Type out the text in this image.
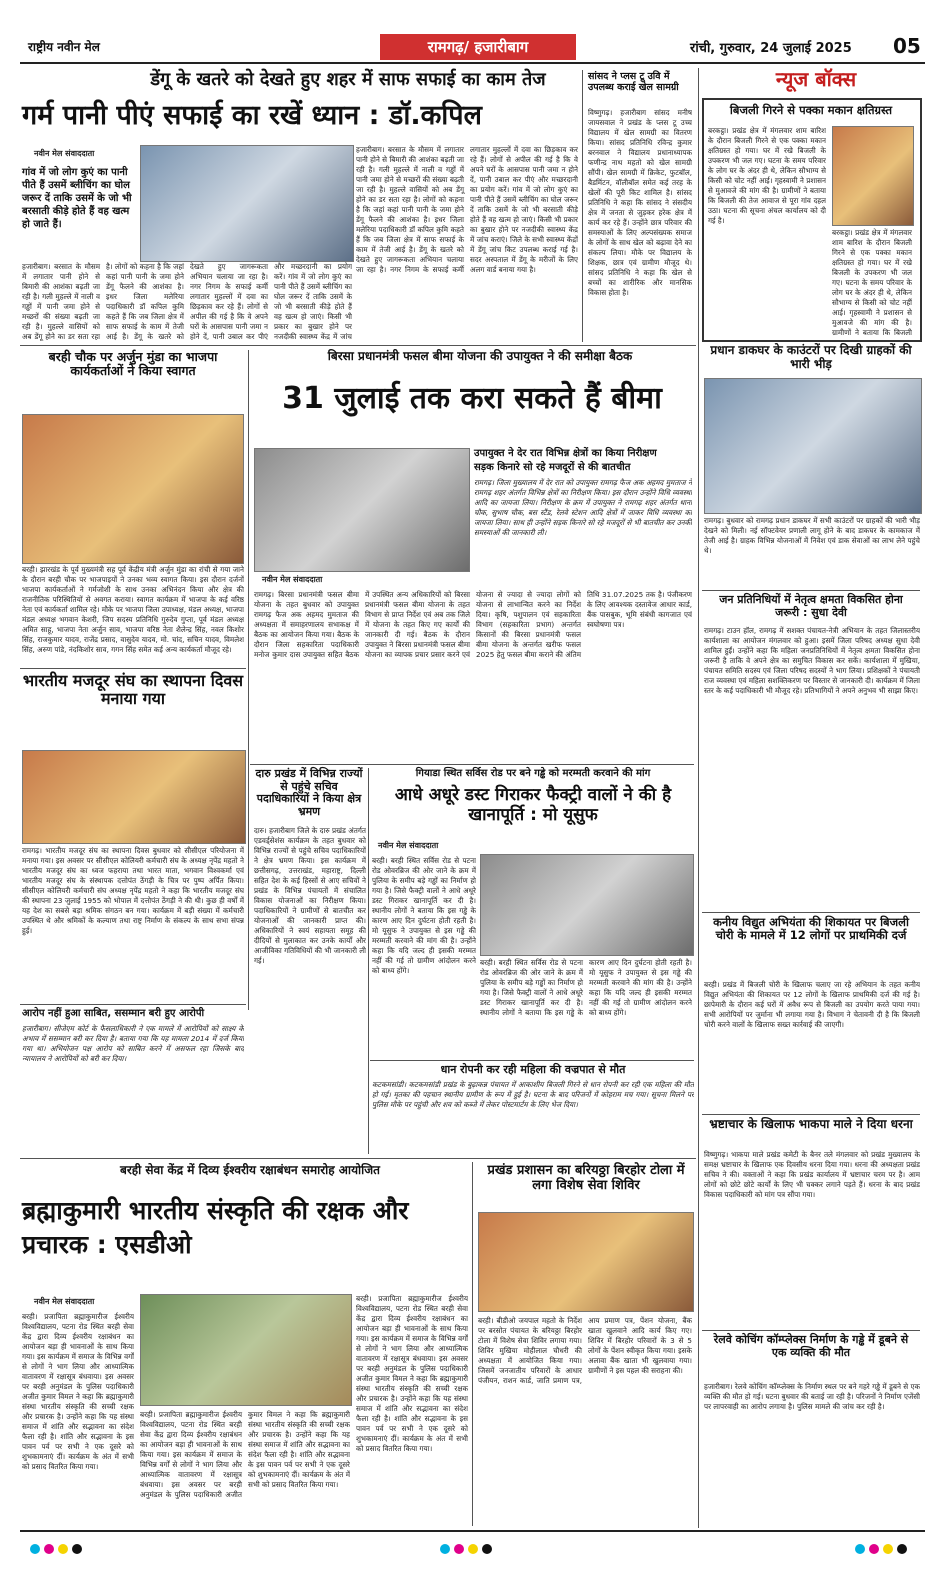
राष्ट्रीय नवीन मेल	रामगढ़/ हजारीबाग	रांची, गुरुवार, 24 जुलाई 2025 05
डेंगू के खतरे को देखते हुए शहर में साफ सफाई का काम तेज
गर्म पानी पीएं सफाई का रखें ध्यान : डॉ.कपिल
नवीन मेल संवाददाता
गांव में जो लोग कुएं का पानी पीते हैं उसमें ब्लीचिंग का घोल जरूर दें ताकि उसमें के जो भी बरसाती कीड़े होते हैं वह खत्म हो जाते हैं।
हजारीबाग। बरसात के मौसम में लगातार पानी होने से बिमारी की आशंका बढ़ती जा रही है। गली मुहल्ले में नाली व गड्ढों में पानी जमा होने से मच्छरों की संख्या बढ़ती जा रही है। मुहल्ले वासियों को अब डेंगू होने का डर सता रहा है। लोगों को कहना है कि जहां कहां पानी पानी के जमा होने डेंगू फैलने की आशंका है। इधर जिला मलेरिया पदाधिकारी डॉ कपिल कुमि कहते हैं कि जब जिला क्षेत्र में साफ सफाई के काम में तेजी आई है। डेंगू के खतरे को देखते हुए जागरूकता अभियान चलाया जा रहा है। नगर निगम के सफाई कर्मी लगातार मुहल्लों में दवा का छिड़काव कर रहे हैं। लोगों से अपील की गई है कि वे अपने घरों के आसपास पानी जमा न होने दें, पानी उबाल कर पीएं और मच्छरदानी का प्रयोग करें। गांव में जो लोग कुएं का पानी पीते हैं उसमें ब्लीचिंग का घोल जरूर दें ताकि उसमें के जो भी बरसाती कीड़े होते हैं वह खत्म हो जाएं। किसी भी प्रकार का बुखार होने पर नजदीकी स्वास्थ्य केंद्र में जांच
हजारीबाग। बरसात के मौसम में लगातार पानी होने से बिमारी की आशंका बढ़ती जा रही है। गली मुहल्ले में नाली व गड्ढों में पानी जमा होने से मच्छरों की संख्या बढ़ती जा रही है। मुहल्ले वासियों को अब डेंगू होने का डर सता रहा है। लोगों को कहना है कि जहां कहां पानी पानी के जमा होने डेंगू फैलने की आशंका है। इधर जिला मलेरिया पदाधिकारी डॉ कपिल कुमि कहते हैं कि जब जिला क्षेत्र में साफ सफाई के काम में तेजी आई है। डेंगू के खतरे को देखते हुए जागरूकता अभियान चलाया जा रहा है। नगर निगम के सफाई कर्मी लगातार मुहल्लों में दवा का छिड़काव कर रहे हैं। लोगों से अपील की गई है कि वे अपने घरों के आसपास पानी जमा न होने दें, पानी उबाल कर पीएं और मच्छरदानी का प्रयोग करें। गांव में जो लोग कुएं का पानी पीते हैं उसमें ब्लीचिंग का घोल जरूर दें ताकि उसमें के जो भी बरसाती कीड़े होते हैं वह खत्म हो जाएं। किसी भी प्रकार का बुखार होने पर नजदीकी स्वास्थ्य केंद्र में जांच कराएं। जिले के सभी स्वास्थ्य केंद्रों में डेंगू जांच किट उपलब्ध कराई गई है। सदर अस्पताल में डेंगू के मरीजों के लिए अलग वार्ड बनाया गया है।
सांसद ने प्लस टू उवि में उपलब्ध कराई खेल सामग्री
विष्णुगढ़। हजारीबाग सांसद मनीष जायसवाल ने प्रखंड के प्लस टू उच्च विद्यालय में खेल सामग्री का वितरण किया। सांसद प्रतिनिधि रविन्द्र कुमार बरनवाल ने विद्यालय प्रधानाध्यापक फणीन्द्र नाथ महतो को खेल सामग्री सौंपी। खेल सामग्री में क्रिकेट, फुटबॉल, बैडमिंटन, वॉलीबॉल समेत कई तरह के खेलों की पूरी किट शामिल है। सांसद प्रतिनिधि ने कहा कि सांसद ने संसदीय क्षेत्र में जनता से जुड़कर हरेक क्षेत्र में कार्य कर रहे हैं। उन्होंने छात्र परिवार की समस्याओं के लिए अल्पसंख्यक समाज के लोगों के साथ खेल को बढ़ावा देने का संकल्प लिया। मौके पर विद्यालय के शिक्षक, छात्र एवं ग्रामीण मौजूद थे। सांसद प्रतिनिधि ने कहा कि खेल से बच्चों का शारीरिक और मानसिक विकास होता है।
बरही चौक पर अर्जुन मुंडा का भाजपा कार्यकर्ताओं ने किया स्वागत
बरही। झारखंड के पूर्व मुख्यमंत्री सह पूर्व केंद्रीय मंत्री अर्जुन मुंडा का रांची से गया जाने के दौरान बरही चौक पर भाजपाइयों ने उनका भव्य स्वागत किया। इस दौरान दर्जनों भाजपा कार्यकर्ताओं ने गर्मजोशी के साथ उनका अभिनंदन किया और क्षेत्र की राजनीतिक परिस्थितियों से अवगत कराया। स्वागत कार्यक्रम में भाजपा के कई वरिष्ठ नेता एवं कार्यकर्ता शामिल रहे। मौके पर भाजपा जिला उपाध्यक्ष, मंडल अध्यक्ष, भाजपा मंडल अध्यक्ष भगवान केशरी, जिप सदस्य प्रतिनिधि गुरुदेव गुप्ता, पूर्व मंडल अध्यक्ष अमित साहू, भाजपा नेता अर्जुन साव, भाजपा वरिष्ठ नेता शैलेन्द्र सिंह, नवल किशोर सिंह, राजकुमार यादव, राजेंद्र प्रसाद, वासुदेव यादव, मो. चांद, सचिन यादव, विमलेश सिंह, अरुण पांडे, नंदकिशोर साव, गगन सिंह समेत कई अन्य कार्यकर्ता मौजूद रहे।
बिरसा प्रधानमंत्री फसल बीमा योजना की उपायुक्त ने की समीक्षा बैठक
31 जुलाई तक करा सकते हैं बीमा
नवीन मेल संवाददाता
उपायुक्त ने देर रात विभिन्न क्षेत्रों का किया निरीक्षण
सड़क किनारे सो रहे मजदूरों से की बातचीत
रामगढ़। जिला मुख्यालय में देर रात को उपायुक्त रामगढ़ फैज अक अहमद मुमताज ने रामगढ़ शहर अंतर्गत विभिन्न क्षेत्रों का निरीक्षण किया। इस दौरान उन्होंने विधि व्यवस्था आदि का जायजा लिया। निरीक्षण के क्रम में उपायुक्त ने रामगढ़ शहर अंतर्गत थाना चौक, सुभाष चौक, बस स्टैंड, रेलवे स्टेशन आदि क्षेत्रों में जाकर विधि व्यवस्था का जायजा लिया। साथ ही उन्होंने सड़क किनारे सो रहे मजदूरों से भी बातचीत कर उनकी समस्याओं की जानकारी ली।
रामगढ़। बिरसा प्रधानमंत्री फसल बीमा योजना के तहत बुधवार को उपायुक्त रामगढ़ फैज अक अहमद मुमताज की अध्यक्षता में समाहरणालय सभाकक्ष में बैठक का आयोजन किया गया। बैठक के दौरान जिला सहकारिता पदाधिकारी मनोज कुमार दास उपायुक्त सहित बैठक में उपस्थित अन्य अधिकारियों को बिरसा प्रधानमंत्री फसल बीमा योजना के तहत विभाग से प्राप्त निर्देश एवं अब तक जिले में योजना के तहत किए गए कार्यों की जानकारी दी गई। बैठक के दौरान उपायुक्त ने बिरसा प्रधानमंत्री फसल बीमा योजना का व्यापक प्रचार प्रसार करने एवं योजना से ज्यादा से ज्यादा लोगों को योजना से लाभान्वित करने का निर्देश दिया। कृषि, पशुपालन एवं सहकारिता विभाग (सहकारिता प्रभाग) अन्तर्गत किसानों की बिरसा प्रधानमंत्री फसल बीमा योजना के अन्तर्गत खरीफ फसल 2025 हेतु फसल बीमा कराने की अंतिम तिथि 31.07.2025 तक है। पंजीकरण के लिए आवश्यक दस्तावेज आधार कार्ड, बैंक पासबुक, भूमि संबंधी कागजात एवं स्वघोषणा पत्र।
भारतीय मजदूर संघ का स्थापना दिवस मनाया गया
रामगढ़। भारतीय मजदूर संघ का स्थापना दिवस बुधवार को सीसीएल परियोजना में मनाया गया। इस अवसर पर सीसीएल कोलियरी कर्मचारी संघ के अध्यक्ष नृपेंद्र महतो ने भारतीय मजदूर संघ का ध्वज फहराया तथा भारत माता, भगवान विश्वकर्मा एवं भारतीय मजदूर संघ के संस्थापक दत्तोपंत ठेंगड़ी के चित्र पर पुष्प अर्पित किया। सीसीएल कोलियरी कर्मचारी संघ अध्यक्ष नृपेंद्र महतो ने कहा कि भारतीय मजदूर संघ की स्थापना 23 जुलाई 1955 को भोपाल में दत्तोपंत ठेंगड़ी ने की थी। कुछ ही वर्षों में यह देश का सबसे बड़ा श्रमिक संगठन बन गया। कार्यक्रम में बड़ी संख्या में कर्मचारी उपस्थित थे और श्रमिकों के कल्याण तथा राष्ट्र निर्माण के संकल्प के साथ सभा संपन्न हुई।
दारु प्रखंड में विभिन्न राज्यों से पहुंचे सचिव पदाधिकारियों ने किया क्षेत्र भ्रमण
दारु। हजारीबाग जिले के दारु प्रखंड अंतर्गत एडवर्ड्सेशंस कार्यक्रम के तहत बुधवार को विभिन्न राज्यों से पहुंचे सचिव पदाधिकारियों ने क्षेत्र भ्रमण किया। इस कार्यक्रम में छत्तीसगढ़, उत्तराखंड, महाराष्ट्र, दिल्ली सहित देश के कई हिस्सों से आए सचिवों ने प्रखंड के विभिन्न पंचायतों में संचालित विकास योजनाओं का निरीक्षण किया। पदाधिकारियों ने ग्रामीणों से बातचीत कर योजनाओं की जानकारी प्राप्त की। अधिकारियों ने स्वयं सहायता समूह की दीदियों से मुलाकात कर उनके कार्यों और आजीविका गतिविधियों की भी जानकारी ली गई।
गियाडा स्थित सर्विस रोड पर बने गड्ढे को मरम्मती करवाने की मांग
आधे अधूरे डस्ट गिराकर फैक्ट्री वालों ने की है खानापूर्ति : मो यूसुफ
नवीन मेल संवाददाता
बरही। बरही स्थित सर्विस रोड से पटना रोड ओवरब्रिज की ओर जाने के क्रम में पुलिया के समीप बड़े गड्ढों का निर्माण हो गया है। जिसे फैक्ट्री वालों ने आधे अधूरे डस्ट गिराकर खानापूर्ति कर दी है। स्थानीय लोगों ने बताया कि इस गड्ढे के कारण आए दिन दुर्घटना होती रहती है। मो यूसुफ ने उपायुक्त से इस गड्ढे की मरम्मती करवाने की मांग की है। उन्होंने कहा कि यदि जल्द ही इसकी मरम्मत नहीं की गई तो ग्रामीण आंदोलन करने को बाध्य होंगे।
बरही। बरही स्थित सर्विस रोड से पटना रोड ओवरब्रिज की ओर जाने के क्रम में पुलिया के समीप बड़े गड्ढों का निर्माण हो गया है। जिसे फैक्ट्री वालों ने आधे अधूरे डस्ट गिराकर खानापूर्ति कर दी है। स्थानीय लोगों ने बताया कि इस गड्ढे के कारण आए दिन दुर्घटना होती रहती है। मो यूसुफ ने उपायुक्त से इस गड्ढे की मरम्मती करवाने की मांग की है। उन्होंने कहा कि यदि जल्द ही इसकी मरम्मत नहीं की गई तो ग्रामीण आंदोलन करने को बाध्य होंगे।
आरोप नहीं हुआ साबित, ससम्मान बरी हुए आरोपी
हजारीबाग। सीजेएम कोर्ट के फैसलाधिकारी ने एक मामले में आरोपियों को साक्ष्य के अभाव में ससम्मान बरी कर दिया है। बताया गया कि यह मामला 2014 में दर्ज किया गया था। अभियोजन पक्ष आरोप को साबित करने में असफल रहा जिसके बाद न्यायालय ने आरोपियों को बरी कर दिया।
धान रोपनी कर रही महिला की वज्रपात से मौत
कटकमसांडी। कटकमसांडी प्रखंड के बुढ़ाकन्न पंचायत में आकाशीय बिजली गिरने से धान रोपनी कर रही एक महिला की मौत हो गई। मृतका की पहचान स्थानीय ग्रामीण के रूप में हुई है। घटना के बाद परिजनों में कोहराम मच गया। सूचना मिलने पर पुलिस मौके पर पहुंची और शव को कब्जे में लेकर पोस्टमार्टम के लिए भेज दिया।
बरही सेवा केंद्र में दिव्य ईश्वरीय रक्षाबंधन समारोह आयोजित
ब्रह्माकुमारी भारतीय संस्कृति की रक्षक और प्रचारक : एसडीओ
नवीन मेल संवाददाता
बरही। प्रजापिता ब्रह्माकुमारीज ईश्वरीय विश्वविद्यालय, पटना रोड स्थित बरही सेवा केंद्र द्वारा दिव्य ईश्वरीय रक्षाबंधन का आयोजन बड़ा ही भावनाओं के साथ किया गया। इस कार्यक्रम में समाज के विभिन्न वर्गों से लोगों ने भाग लिया और आध्यात्मिक वातावरण में रक्षासूत्र बंधवाया। इस अवसर पर बरही अनुमंडल के पुलिस पदाधिकारी अजीत कुमार विमल ने कहा कि ब्रह्माकुमारी संस्था भारतीय संस्कृति की सच्ची रक्षक और प्रचारक है। उन्होंने कहा कि यह संस्था समाज में शांति और सद्भावना का संदेश फैला रही है। शांति और सद्भावना के इस पावन पर्व पर सभी ने एक दूसरे को शुभकामनाएं दीं। कार्यक्रम के अंत में सभी को प्रसाद वितरित किया गया।
बरही। प्रजापिता ब्रह्माकुमारीज ईश्वरीय विश्वविद्यालय, पटना रोड स्थित बरही सेवा केंद्र द्वारा दिव्य ईश्वरीय रक्षाबंधन का आयोजन बड़ा ही भावनाओं के साथ किया गया। इस कार्यक्रम में समाज के विभिन्न वर्गों से लोगों ने भाग लिया और आध्यात्मिक वातावरण में रक्षासूत्र बंधवाया। इस अवसर पर बरही अनुमंडल के पुलिस पदाधिकारी अजीत कुमार विमल ने कहा कि ब्रह्माकुमारी संस्था भारतीय संस्कृति की सच्ची रक्षक और प्रचारक है। उन्होंने कहा कि यह संस्था समाज में शांति और सद्भावना का संदेश फैला रही है। शांति और सद्भावना के इस पावन पर्व पर सभी ने एक दूसरे को शुभकामनाएं दीं। कार्यक्रम के अंत में सभी को प्रसाद वितरित किया गया।
बरही। प्रजापिता ब्रह्माकुमारीज ईश्वरीय विश्वविद्यालय, पटना रोड स्थित बरही सेवा केंद्र द्वारा दिव्य ईश्वरीय रक्षाबंधन का आयोजन बड़ा ही भावनाओं के साथ किया गया। इस कार्यक्रम में समाज के विभिन्न वर्गों से लोगों ने भाग लिया और आध्यात्मिक वातावरण में रक्षासूत्र बंधवाया। इस अवसर पर बरही अनुमंडल के पुलिस पदाधिकारी अजीत कुमार विमल ने कहा कि ब्रह्माकुमारी संस्था भारतीय संस्कृति की सच्ची रक्षक और प्रचारक है। उन्होंने कहा कि यह संस्था समाज में शांति और सद्भावना का संदेश फैला रही है। शांति और सद्भावना के इस पावन पर्व पर सभी ने एक दूसरे को शुभकामनाएं दीं। कार्यक्रम के अंत में सभी को प्रसाद वितरित किया गया।
प्रखंड प्रशासन का बरियठ्ठा बिरहोर टोला में लगा विशेष सेवा शिविर
बरही। बीडीओ जयपाल महतो के निर्देश पर बरसोत पंचायत के बरियठ्ठा बिरहोर टोला में विशेष सेवा शिविर लगाया गया। शिविर मुखिया मोहीलाल चौधरी की अध्यक्षता में आयोजित किया गया। जिसमें जनजातीय परिवारों के आधार पंजीयन, राशन कार्ड, जाति प्रमाण पत्र, आय प्रमाण पत्र, पेंशन योजना, बैंक खाता खुलवाने आदि कार्य किए गए। शिविर में बिरहोर परिवारों के 3 से 5 लोगों के पेंशन स्वीकृत किया गया। इसके अलावा बैंक खाता भी खुलवाया गया। ग्रामीणों ने इस पहल की सराहना की।
न्यूज बॉक्स
बिजली गिरने से पक्का मकान क्षतिग्रस्त
बरकट्ठा। प्रखंड क्षेत्र में मंगलवार शाम बारिश के दौरान बिजली गिरने से एक पक्का मकान क्षतिग्रस्त हो गया। घर में रखे बिजली के उपकरण भी जल गए। घटना के समय परिवार के लोग घर के अंदर ही थे, लेकिन सौभाग्य से किसी को चोट नहीं आई। गृहस्वामी ने प्रशासन से मुआवजे की मांग की है। ग्रामीणों ने बताया कि बिजली की तेज आवाज से पूरा गांव दहल उठा। घटना की सूचना अंचल कार्यालय को दी गई है।
बरकट्ठा। प्रखंड क्षेत्र में मंगलवार शाम बारिश के दौरान बिजली गिरने से एक पक्का मकान क्षतिग्रस्त हो गया। घर में रखे बिजली के उपकरण भी जल गए। घटना के समय परिवार के लोग घर के अंदर ही थे, लेकिन सौभाग्य से किसी को चोट नहीं आई। गृहस्वामी ने प्रशासन से मुआवजे की मांग की है। ग्रामीणों ने बताया कि बिजली
प्रधान डाकघर के काउंटरों पर दिखी ग्राहकों की भारी भीड़
रामगढ़। बुधवार को रामगढ़ प्रधान डाकघर में सभी काउंटरों पर ग्राहकों की भारी भीड़ देखने को मिली। नई सॉफ्टवेयर प्रणाली लागू होने के बाद डाकघर के कामकाज में तेजी आई है। ग्राहक विभिन्न योजनाओं में निवेश एवं डाक सेवाओं का लाभ लेने पहुंचे थे।
जन प्रतिनिधियों में नेतृत्व क्षमता विकसित होना जरूरी : सुधा देवी
रामगढ़। टाउन हॉल, रामगढ़ में सशक्त पंचायत-नेत्री अभियान के तहत जिलास्तरीय कार्यशाला का आयोजन मंगलवार को हुआ। इसमें जिला परिषद अध्यक्ष सुधा देवी शामिल हुईं। उन्होंने कहा कि महिला जनप्रतिनिधियों में नेतृत्व क्षमता विकसित होना जरूरी है ताकि वे अपने क्षेत्र का समुचित विकास कर सकें। कार्यशाला में मुखिया, पंचायत समिति सदस्य एवं जिला परिषद सदस्यों ने भाग लिया। प्रशिक्षकों ने पंचायती राज व्यवस्था एवं महिला सशक्तिकरण पर विस्तार से जानकारी दी। कार्यक्रम में जिला स्तर के कई पदाधिकारी भी मौजूद रहे। प्रतिभागियों ने अपने अनुभव भी साझा किए।
कनीय विद्युत अभियंता की शिकायत पर बिजली चोरी के मामले में 12 लोगों पर प्राथमिकी दर्ज
बरही। प्रखंड में बिजली चोरी के खिलाफ चलाए जा रहे अभियान के तहत कनीय विद्युत अभियंता की शिकायत पर 12 लोगों के खिलाफ प्राथमिकी दर्ज की गई है। छापेमारी के दौरान कई घरों में अवैध रूप से बिजली का उपयोग करते पाया गया। सभी आरोपियों पर जुर्माना भी लगाया गया है। विभाग ने चेतावनी दी है कि बिजली चोरी करने वालों के खिलाफ सख्त कार्रवाई की जाएगी।
भ्रष्टाचार के खिलाफ भाकपा माले ने दिया धरना
विष्णुगढ़। भाकपा माले प्रखंड कमेटी के बैनर तले मंगलवार को प्रखंड मुख्यालय के समक्ष भ्रष्टाचार के खिलाफ एक दिवसीय धरना दिया गया। धरना की अध्यक्षता प्रखंड सचिव ने की। वक्ताओं ने कहा कि प्रखंड कार्यालय में भ्रष्टाचार चरम पर है। आम लोगों को छोटे छोटे कार्यों के लिए भी चक्कर लगाने पड़ते हैं। धरना के बाद प्रखंड विकास पदाधिकारी को मांग पत्र सौंपा गया।
रेलवे कोचिंग कॉम्प्लेक्स निर्माण के गड्ढे में डूबने से एक व्यक्ति की मौत
हजारीबाग। रेलवे कोचिंग कॉम्प्लेक्स के निर्माण स्थल पर बने गहरे गड्ढे में डूबने से एक व्यक्ति की मौत हो गई। घटना बुधवार की बताई जा रही है। परिजनों ने निर्माण एजेंसी पर लापरवाही का आरोप लगाया है। पुलिस मामले की जांच कर रही है।
